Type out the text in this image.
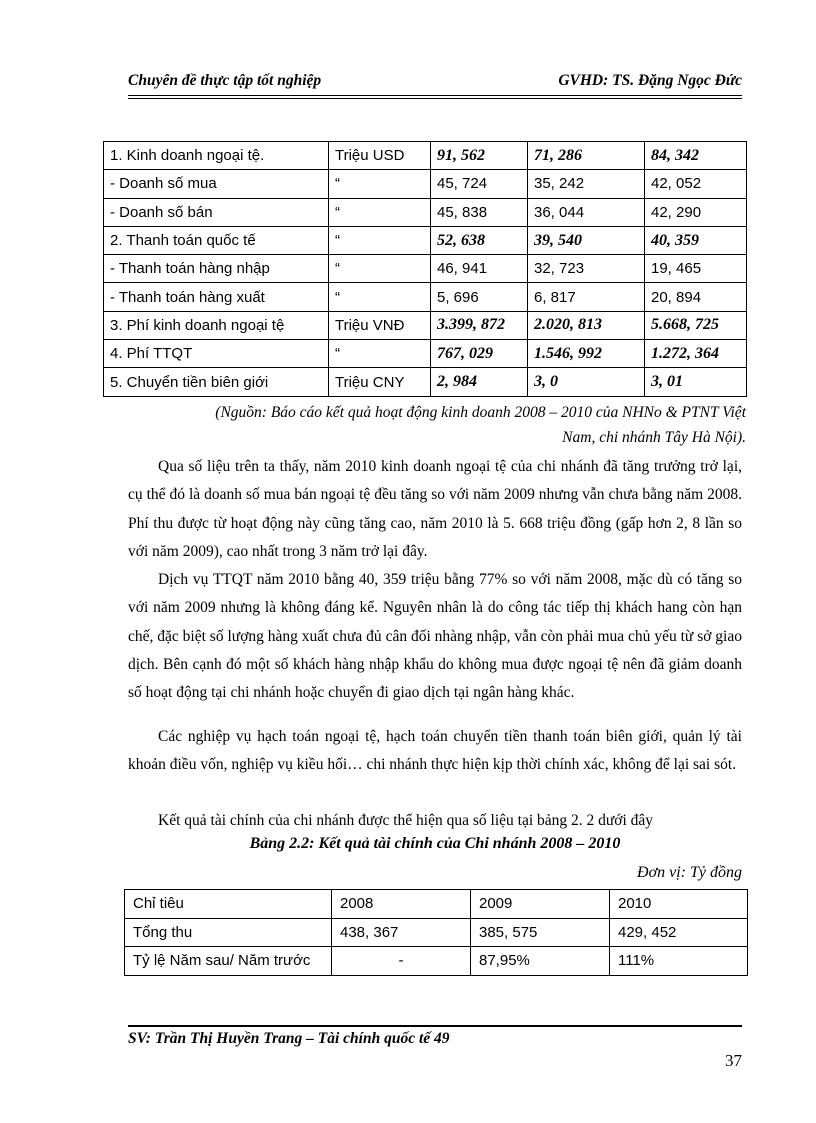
Chuyên đề thực tập tốt nghiệp	GVHD: TS. Đặng Ngọc Đức
1. Kinh doanh ngoại tệ.	Triệu USD	91, 562	71, 286	84, 342
- Doanh số mua	“	45, 724	35, 242	42, 052
- Doanh số bán	“	45, 838	36, 044	42, 290
2. Thanh toán quốc tế	“	52, 638	39, 540	40, 359
- Thanh toán hàng nhập	“	46, 941	32, 723	19, 465
- Thanh toán hàng xuất	“	5, 696	6, 817	20, 894
3. Phí kinh doanh ngoại tệ	Triệu VNĐ	3.399, 872	2.020, 813	5.668, 725
4. Phí TTQT	“	767, 029	1.546, 992	1.272, 364
5. Chuyển tiền biên giới	Triệu CNY	2, 984	3, 0	3, 01
(Nguồn: Báo cáo kết quả hoạt động kinh doanh 2008 – 2010 của NHNo & PTNT Việt
Nam, chi nhánh Tây Hà Nội).
Qua số liệu trên ta thấy, năm 2010 kinh doanh ngoại tệ của chi nhánh đã tăng trưởng trở lại, cụ thể đó là doanh số mua bán ngoại tệ đều tăng so với năm 2009 nhưng vẫn chưa bằng năm 2008. Phí thu được từ hoạt động này cũng tăng cao, năm 2010 là 5. 668 triệu đồng (gấp hơn 2, 8 lần so với năm 2009), cao nhất trong 3 năm trở lại đây.
Dịch vụ TTQT năm 2010 bằng 40, 359 triệu bằng 77% so với năm 2008, mặc dù có tăng so với năm 2009 nhưng là không đáng kể. Nguyên nhân là do công tác tiếp thị khách hang còn hạn chế, đặc biệt số lượng hàng xuất chưa đủ cân đối nhàng nhập, vẫn còn phải mua chủ yếu từ sở giao dịch. Bên cạnh đó một số khách hàng nhập khẩu do không mua được ngoại tệ nên đã giảm doanh số hoạt động tại chi nhánh hoặc chuyển đi giao dịch tại ngân hàng khác.
Các nghiệp vụ hạch toán ngoại tệ, hạch toán chuyển tiền thanh toán biên giới, quản lý tài khoản điều vốn, nghiệp vụ kiều hối… chi nhánh thực hiện kịp thời chính xác, không để lại sai sót.
Kết quả tài chính của chi nhánh được thể hiện qua số liệu tại bảng 2. 2 dưới đây
Bảng 2.2: Kết quả tài chính của Chi nhánh 2008 – 2010
Đơn vị: Tỷ đồng
Chỉ tiêu	2008	2009	2010
Tổng thu	438, 367	385, 575	429, 452
Tỷ lệ Năm sau/ Năm trước	-	87,95%	111%
SV: Trần Thị Huyền Trang – Tài chính quốc tế 49
37
